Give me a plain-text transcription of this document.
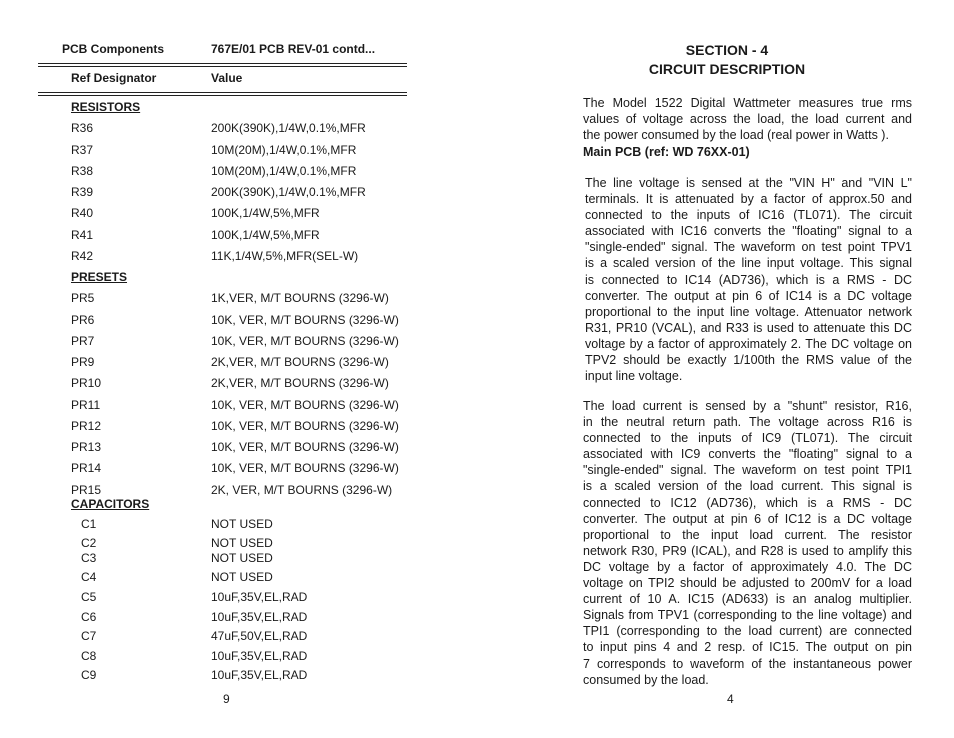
PCB Components	767E/01 PCB REV-01 contd...
Ref Designator	Value
RESISTORS
R36	200K(390K),1/4W,0.1%,MFR
R37	10M(20M),1/4W,0.1%,MFR
R38	10M(20M),1/4W,0.1%,MFR
R39	200K(390K),1/4W,0.1%,MFR
R40	100K,1/4W,5%,MFR
R41	100K,1/4W,5%,MFR
R42	11K,1/4W,5%,MFR(SEL-W)
PRESETS
PR5	1K,VER, M/T BOURNS (3296-W)
PR6	10K, VER, M/T BOURNS (3296-W)
PR7	10K, VER, M/T BOURNS (3296-W)
PR9	2K,VER, M/T BOURNS (3296-W)
PR10	2K,VER, M/T BOURNS (3296-W)
PR11	10K, VER, M/T BOURNS (3296-W)
PR12	10K, VER, M/T BOURNS (3296-W)
PR13	10K, VER, M/T BOURNS (3296-W)
PR14	10K, VER, M/T BOURNS (3296-W)
PR15	2K, VER, M/T BOURNS (3296-W)
CAPACITORS
C1	NOT USED
C2	NOT USED
C3	NOT USED
C4	NOT USED
C5	10uF,35V,EL,RAD
C6	10uF,35V,EL,RAD
C7	47uF,50V,EL,RAD
C8	10uF,35V,EL,RAD
C9	10uF,35V,EL,RAD
9
SECTION - 4
CIRCUIT DESCRIPTION
The Model 1522 Digital Wattmeter measures true rms
values of voltage across the load, the load current and
the power consumed by the load (real power in Watts ).
Main PCB (ref: WD 76XX-01)
The line voltage is sensed at the "VIN H" and "VIN L"
terminals. It is attenuated by a factor of approx.50 and
connected to the inputs of IC16 (TL071). The circuit
associated with IC16 converts the "floating" signal to a
"single-ended" signal. The waveform on test point TPV1
is a scaled version of the line input voltage. This signal
is connected to IC14 (AD736), which is a RMS - DC
converter. The output at pin 6 of IC14 is a DC voltage
proportional to the input line voltage. Attenuator network
R31, PR10 (VCAL), and R33 is used to attenuate this DC
voltage by a factor of approximately 2. The DC voltage on
TPV2 should be exactly 1/100th the RMS value of the
input line voltage.
The load current is sensed by a "shunt" resistor, R16,
in the neutral return path. The voltage across R16 is
connected to the inputs of IC9 (TL071). The circuit
associated with IC9 converts the "floating" signal to a
"single-ended" signal. The waveform on test point TPI1
is a scaled version of the load current. This signal is
connected to IC12 (AD736), which is a RMS - DC
converter. The output at pin 6 of IC12 is a DC voltage
proportional to the input load current. The resistor
network R30, PR9 (ICAL), and R28 is used to amplify this
DC voltage by a factor of approximately 4.0. The DC
voltage on TPI2 should be adjusted to 200mV for a load
current of 10 A. IC15 (AD633) is an analog multiplier.
Signals from TPV1 (corresponding to the line voltage) and
TPI1 (corresponding to the load current) are connected
to input pins 4 and 2 resp. of IC15. The output on pin
7 corresponds to waveform of the instantaneous power
consumed by the load.
4
